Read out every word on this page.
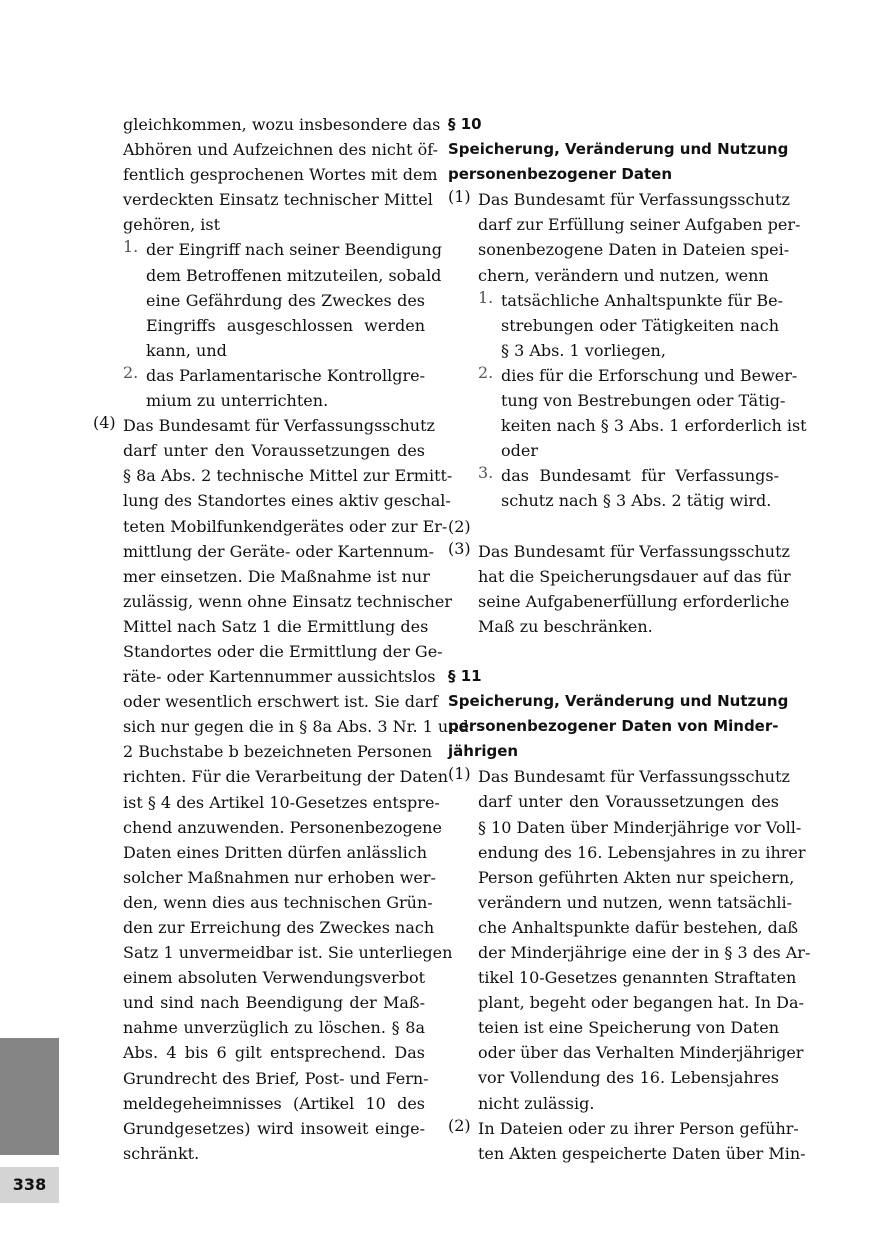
gleichkommen, wozu insbesondere das
Abhören und Aufzeichnen des nicht öf-
fentlich gesprochenen Wortes mit dem
verdeckten Einsatz technischer Mittel
gehören, ist
der Eingriff nach seiner Beendigung
1.
dem Betroffenen mitzuteilen, sobald
eine Gefährdung des Zweckes des
Eingriffs ausgeschlossen werden
kann, und
das Parlamentarische Kontrollgre-
2.
mium zu unterrichten.
Das Bundesamt für Verfassungsschutz
(4)
darf unter den Voraussetzungen des
§ 8a Abs. 2 technische Mittel zur Ermitt-
lung des Standortes eines aktiv geschal-
teten Mobilfunkendgerätes oder zur Er-
mittlung der Geräte- oder Kartennum-
mer einsetzen. Die Maßnahme ist nur
zulässig, wenn ohne Einsatz technischer
Mittel nach Satz 1 die Ermittlung des
Standortes oder die Ermittlung der Ge-
räte- oder Kartennummer aussichtslos
oder wesentlich erschwert ist. Sie darf
sich nur gegen die in § 8a Abs. 3 Nr. 1 und
2 Buchstabe b bezeichneten Personen
richten. Für die Verarbeitung der Daten
ist § 4 des Artikel 10-Gesetzes entspre-
chend anzuwenden. Personenbezogene
Daten eines Dritten dürfen anlässlich
solcher Maßnahmen nur erhoben wer-
den, wenn dies aus technischen Grün-
den zur Erreichung des Zweckes nach
Satz 1 unvermeidbar ist. Sie unterliegen
einem absoluten Verwendungsverbot
und sind nach Beendigung der Maß-
nahme unverzüglich zu löschen. § 8a
Abs. 4 bis 6 gilt entsprechend. Das
Grundrecht des Brief, Post- und Fern-
meldegeheimnisses (Artikel 10 des
Grundgesetzes) wird insoweit einge-
schränkt.
§ 10
Speicherung, Veränderung und Nutzung
personenbezogener Daten
Das Bundesamt für Verfassungsschutz
(1)
darf zur Erfüllung seiner Aufgaben per-
sonenbezogene Daten in Dateien spei-
chern, verändern und nutzen, wenn
tatsächliche Anhaltspunkte für Be-
1.
strebungen oder Tätigkeiten nach
§ 3 Abs. 1 vorliegen,
dies für die Erforschung und Bewer-
2.
tung von Bestrebungen oder Tätig-
keiten nach § 3 Abs. 1 erforderlich ist
oder
das Bundesamt für Verfassungs-
3.
schutz nach § 3 Abs. 2 tätig wird.
(2)
Das Bundesamt für Verfassungsschutz
(3)
hat die Speicherungsdauer auf das für
seine Aufgabenerfüllung erforderliche
Maß zu beschränken.
§ 11
Speicherung, Veränderung und Nutzung
personenbezogener Daten von Minder-
jährigen
Das Bundesamt für Verfassungsschutz
(1)
darf unter den Voraussetzungen des
§ 10 Daten über Minderjährige vor Voll-
endung des 16. Lebensjahres in zu ihrer
Person geführten Akten nur speichern,
verändern und nutzen, wenn tatsächli-
che Anhaltspunkte dafür bestehen, daß
der Minderjährige eine der in § 3 des Ar-
tikel 10-Gesetzes genannten Straftaten
plant, begeht oder begangen hat. In Da-
teien ist eine Speicherung von Daten
oder über das Verhalten Minderjähriger
vor Vollendung des 16. Lebensjahres
nicht zulässig.
In Dateien oder zu ihrer Person geführ-
(2)
ten Akten gespeicherte Daten über Min-
338
